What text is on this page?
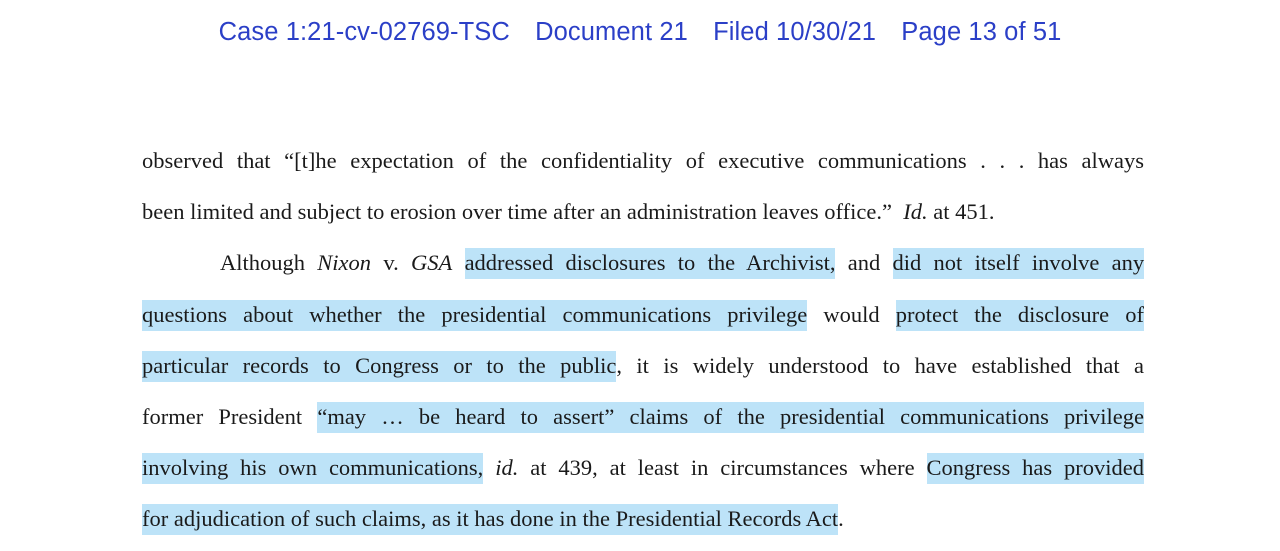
Case 1:21-cv-02769-TSC Document 21 Filed 10/30/21 Page 13 of 51
observed that “[t]he expectation of the confidentiality of executive communications . . . has always
been limited and subject to erosion over time after an administration leaves office.” Id. at 451.
Although Nixon v. GSA addressed disclosures to the Archivist, and did not itself involve any
questions about whether the presidential communications privilege would protect the disclosure of
particular records to Congress or to the public, it is widely understood to have established that a
former President “may … be heard to assert” claims of the presidential communications privilege
involving his own communications, id. at 439, at least in circumstances where Congress has provided
for adjudication of such claims, as it has done in the Presidential Records Act.
